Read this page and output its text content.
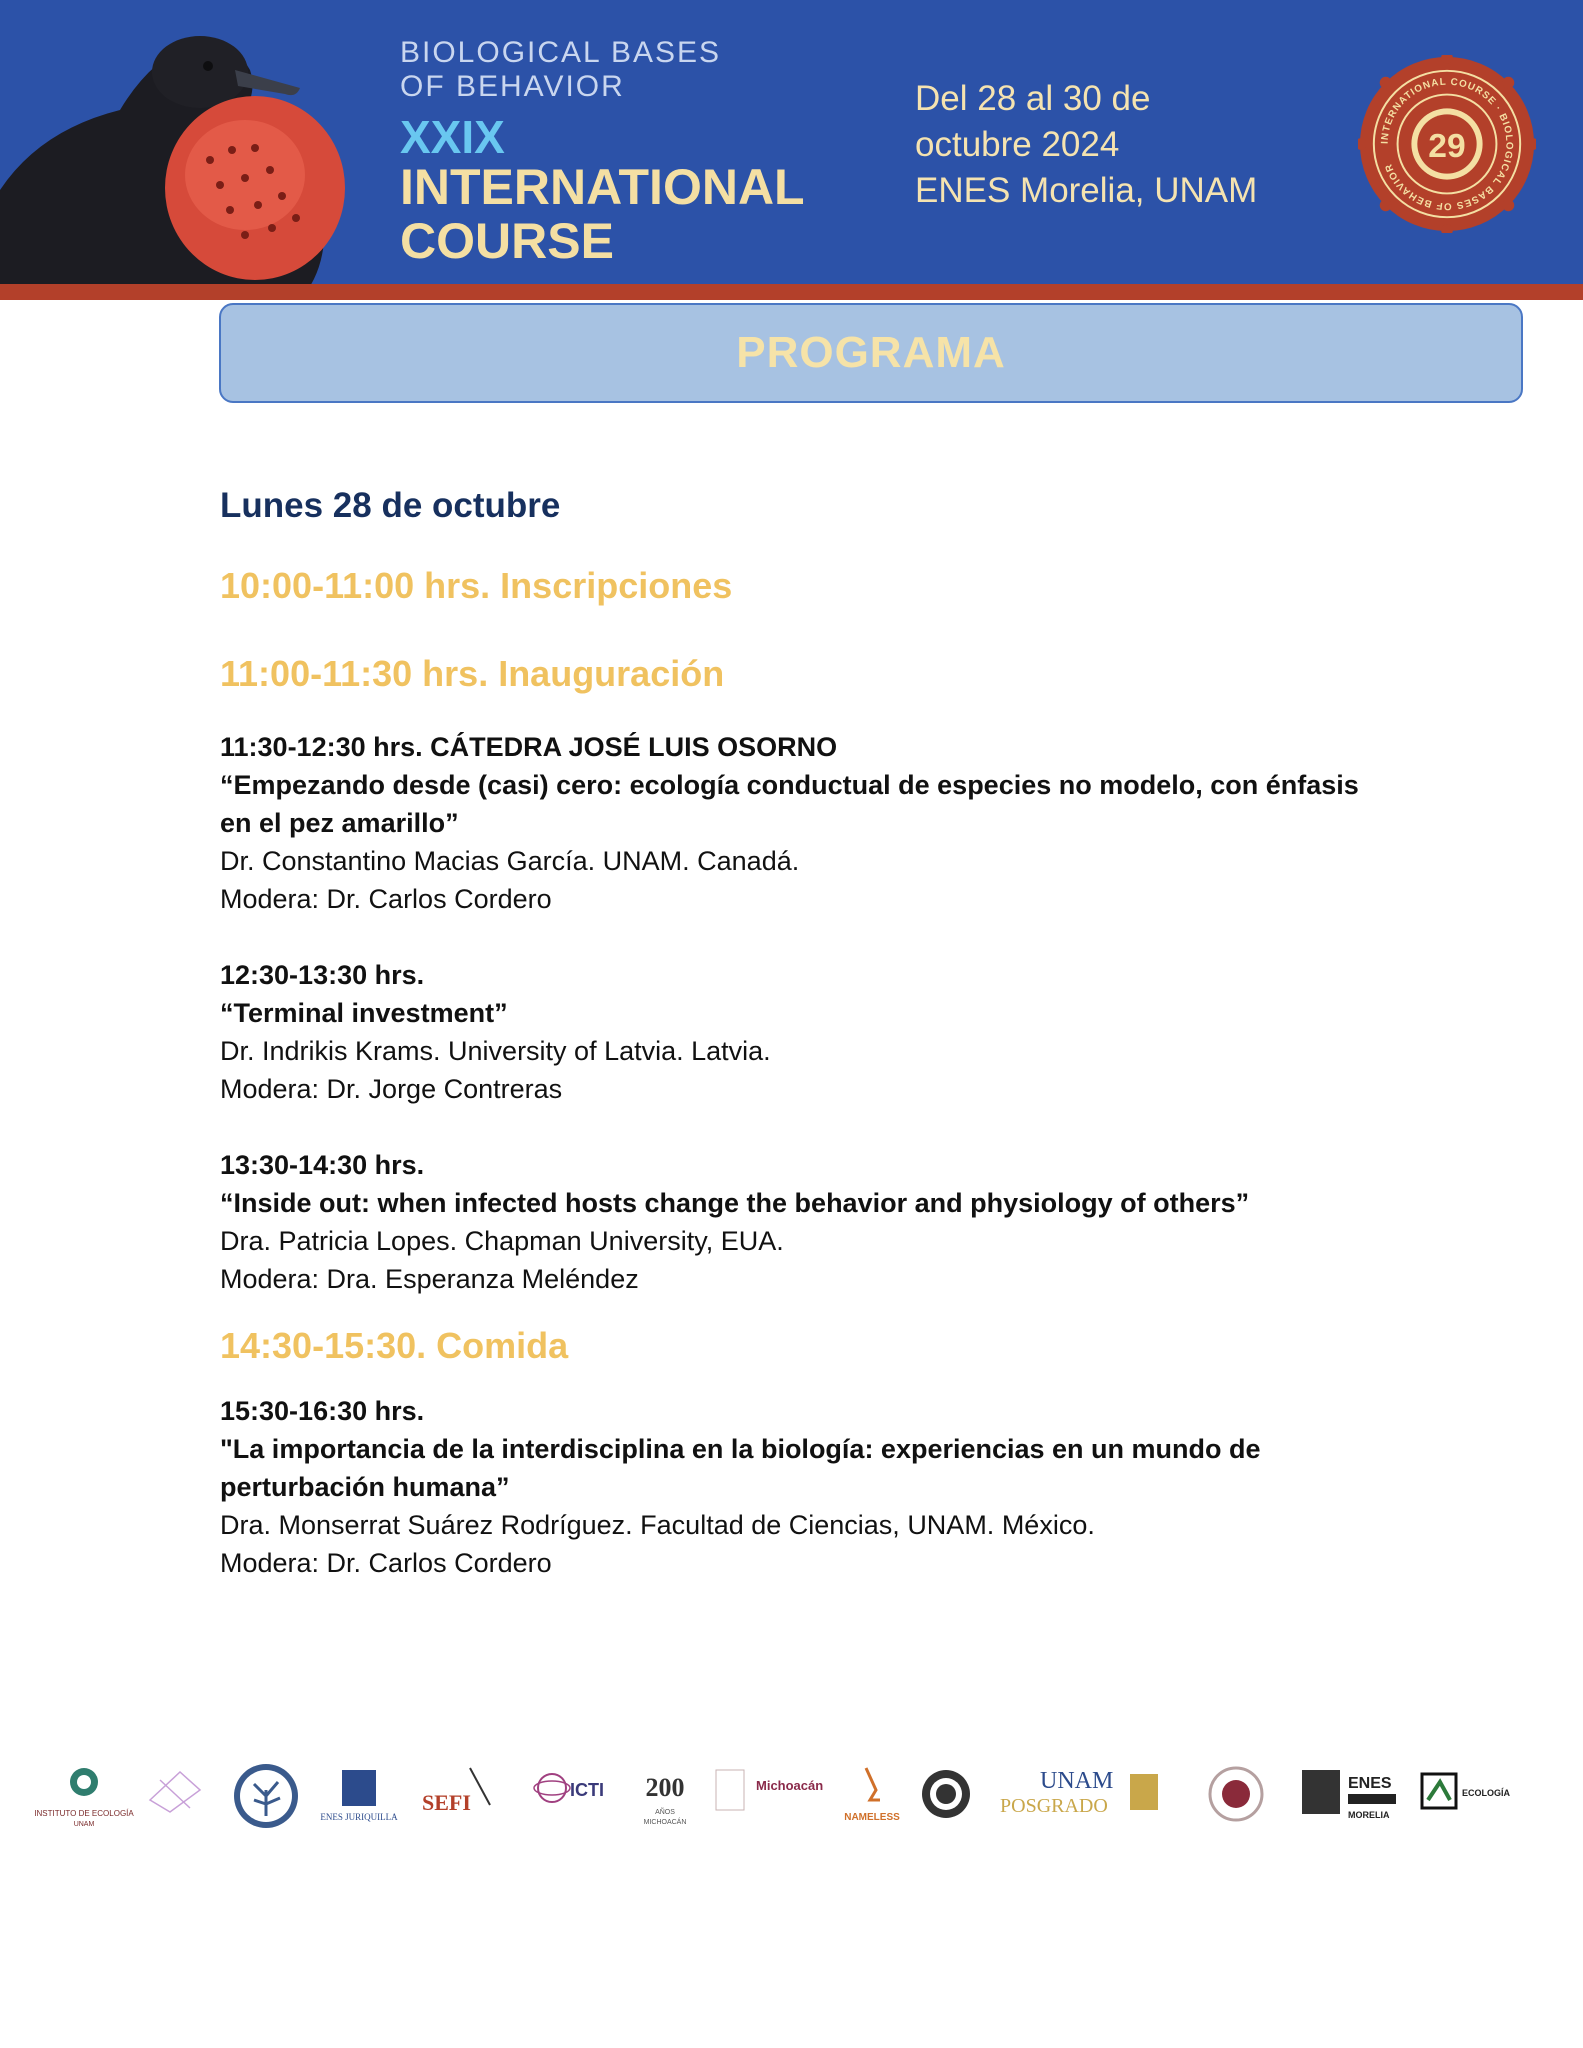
BIOLOGICAL BASES
OF BEHAVIOR
XXIX
INTERNATIONAL
COURSE
Del 28 al 30 de
octubre 2024
ENES Morelia, UNAM
29
INTERNATIONAL COURSE · BIOLOGICAL BASES OF BEHAVIOR
PROGRAMA
Lunes 28 de octubre
10:00-11:00 hrs. Inscripciones
11:00-11:30 hrs. Inauguración
11:30-12:30 hrs. CÁTEDRA JOSÉ LUIS OSORNO
“Empezando desde (casi) cero: ecología conductual de especies no modelo, con énfasis
en el pez amarillo”
Dr. Constantino Macias García. UNAM. Canadá.
Modera: Dr. Carlos Cordero
12:30-13:30 hrs.
“Terminal investment”
Dr. Indrikis Krams. University of Latvia. Latvia.
Modera: Dr. Jorge Contreras
13:30-14:30 hrs.
“Inside out: when infected hosts change the behavior and physiology of others”
Dra. Patricia Lopes. Chapman University, EUA.
Modera: Dra. Esperanza Meléndez
14:30-15:30. Comida
15:30-16:30 hrs.
"La importancia de la interdisciplina en la biología: experiencias en un mundo de
perturbación humana”
Dra. Monserrat Suárez Rodríguez. Facultad de Ciencias, UNAM. México.
Modera: Dr. Carlos Cordero
INSTITUTO DE ECOLOGÍA
UNAM
ENES JURIQUILLA
SEFI	ICTI 200
AÑOS
MICHOACÁN
Michoacán
NAMELESS
UNAM
POSGRADO
ENES
MORELIA
ECOLOGÍA
